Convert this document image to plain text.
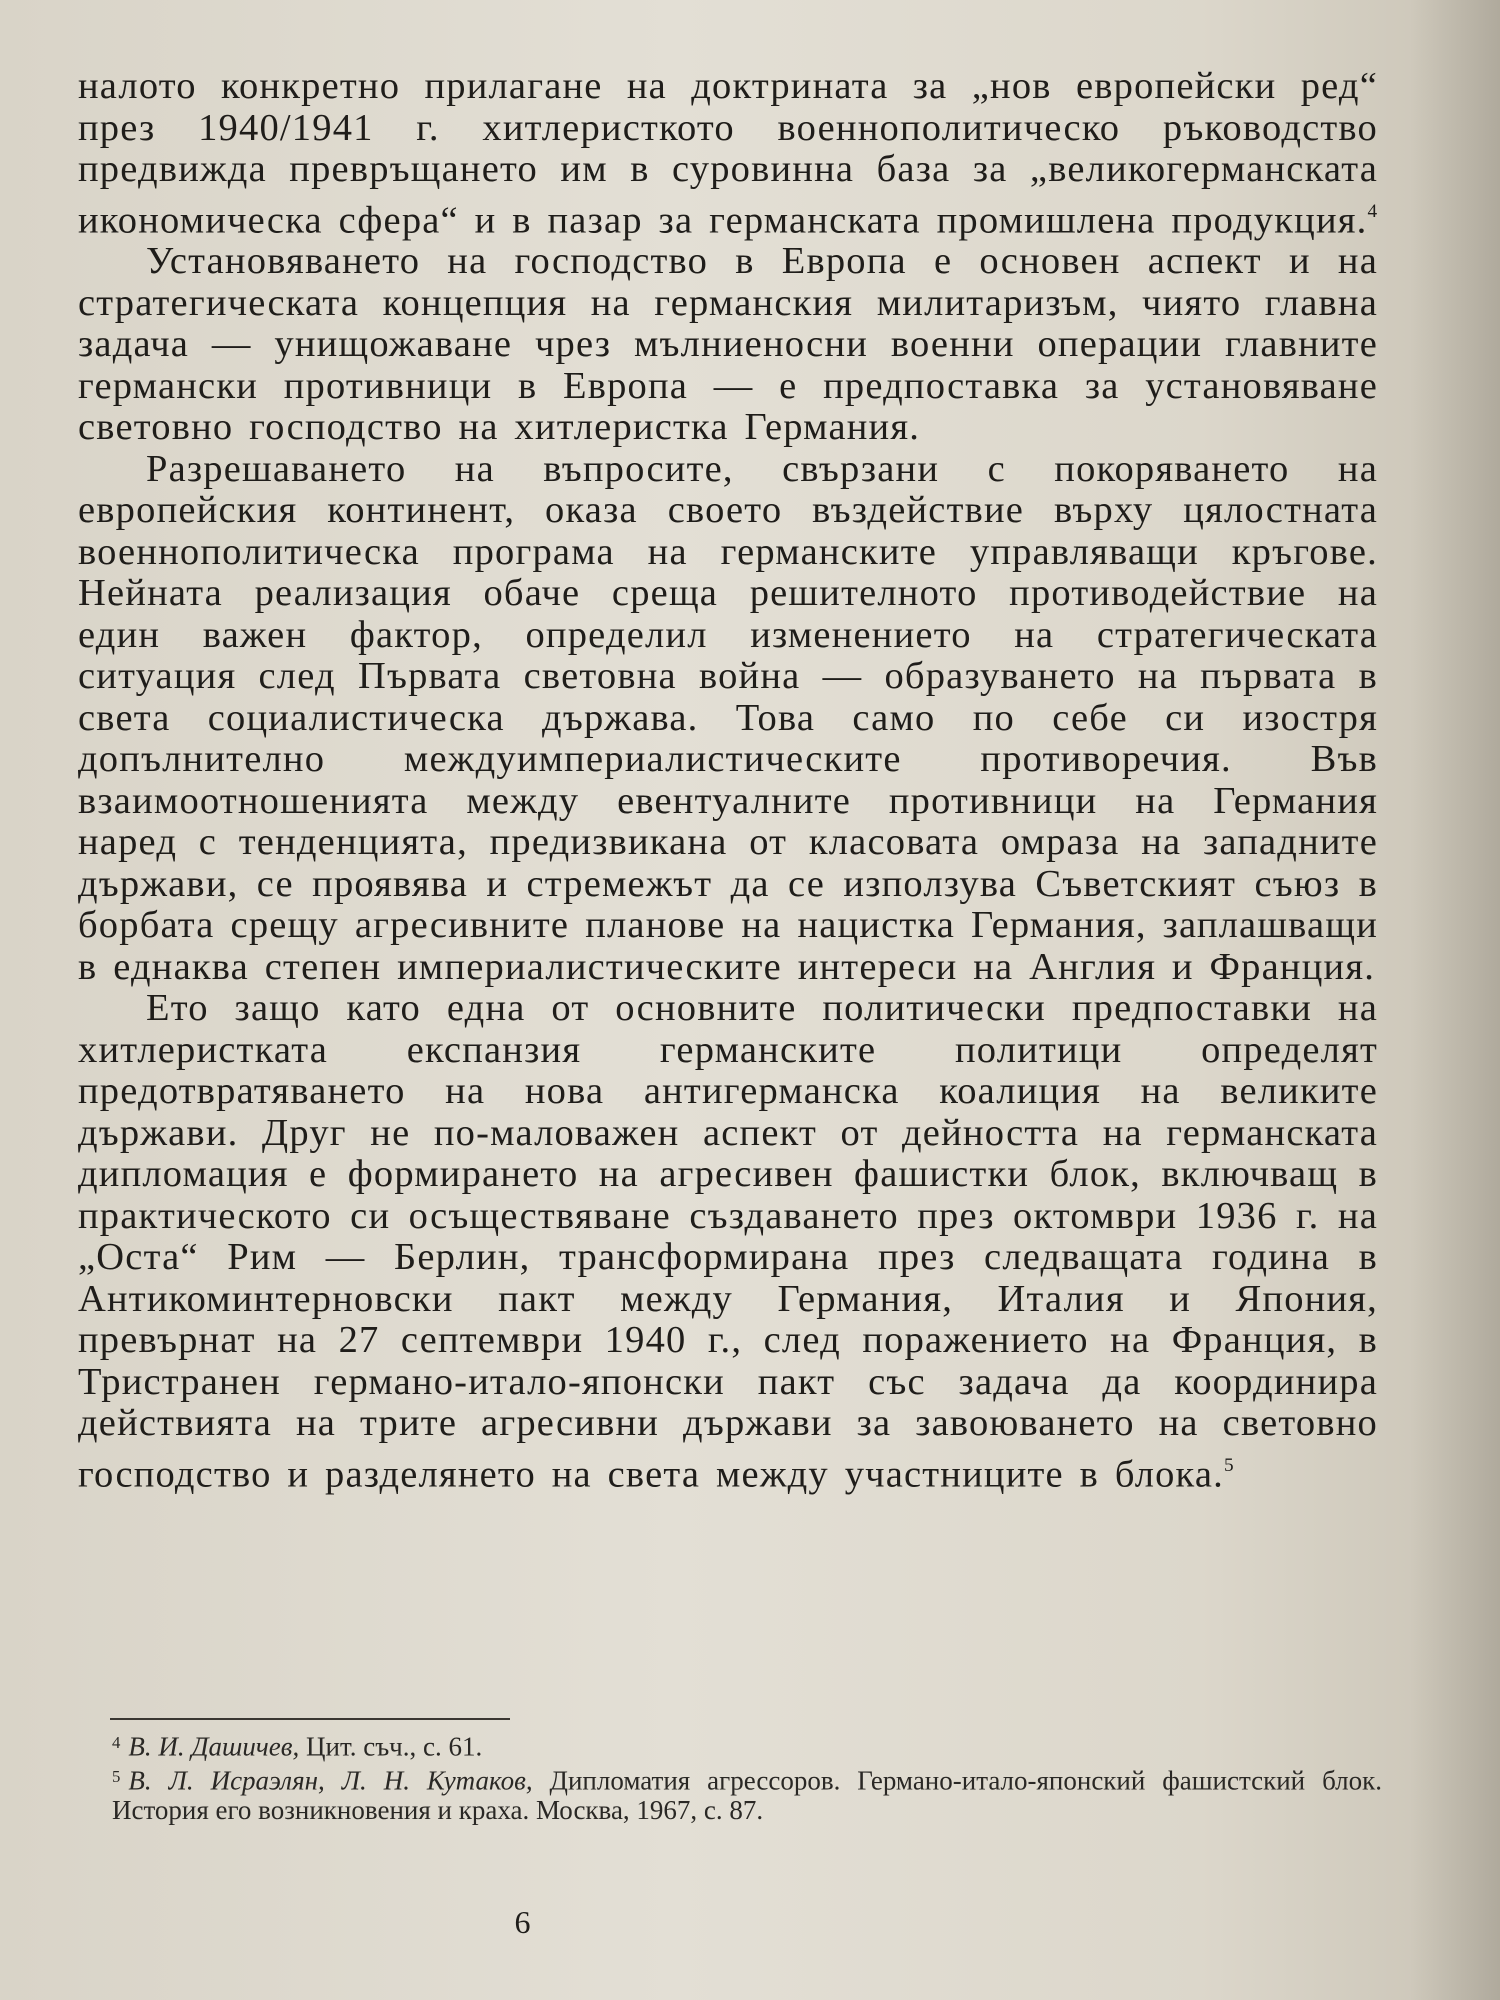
налото конкретно прилагане на доктрината за „нов европейски ред“ през 1940/1941 г. хитлеристкото военнополитическо ръководство предвижда превръщането им в суровинна база за „великогерманската икономическа сфера“ и в пазар за германската промишлена продукция.$^4$

Установяването на господство в Европа е основен аспект и на стратегическата концепция на германския милитаризъм, чиято главна задача — унищожаване чрез мълниеносни военни операции главните германски противници в Европа — е предпоставка за установяване световно господство на хитлеристка Германия.

Разрешаването на въпросите, свързани с покоряването на европейския континент, оказа своето въздействие върху цялостната военнополитическа програма на германските управляващи кръгове. Нейната реализация обаче среща решителното противодействие на един важен фактор, определил изменението на стратегическата ситуация след Първата световна война — образуването на първата в света социалистическа държава. Това само по себе си изостря допълнително междуимпериалистическите противоречия. Във взаимоотношенията между евентуалните противници на Германия наред с тенденцията, предизвикана от класовата омраза на западните държави, се проявява и стремежът да се използува Съветският съюз в борбата срещу агресивните планове на нацистка Германия, заплашващи в еднаква степен империалистическите интереси на Англия и Франция.

Ето защо като една от основните политически предпоставки на хитлеристката експанзия германските политици определят предотвратяването на нова антигерманска коалиция на великите държави. Друг не по-маловажен аспект от дейността на германската дипломация е формирането на агресивен фашистки блок, включващ в практическото си осъществяване създаването през октомври 1936 г. на „Оста“ Рим — Берлин, трансформирана през следващата година в Антикоминтерновски пакт между Германия, Италия и Япония, превърнат на 27 септември 1940 г., след поражението на Франция, в Тристранен германо-итало-японски пакт със задача да координира действията на трите агресивни държави за завоюването на световно господство и разделянето на света между участниците в блока.$^5$

$^4$ В. И. Дашичев, Цит. съч., с. 61.

$^5$ В. Л. Исраэлян, Л. Н. Кутаков, Дипломатия агрессоров. Германо-итало-японский фашистский блок. История его возникновения и краха. Москва, 1967, с. 87.

6
